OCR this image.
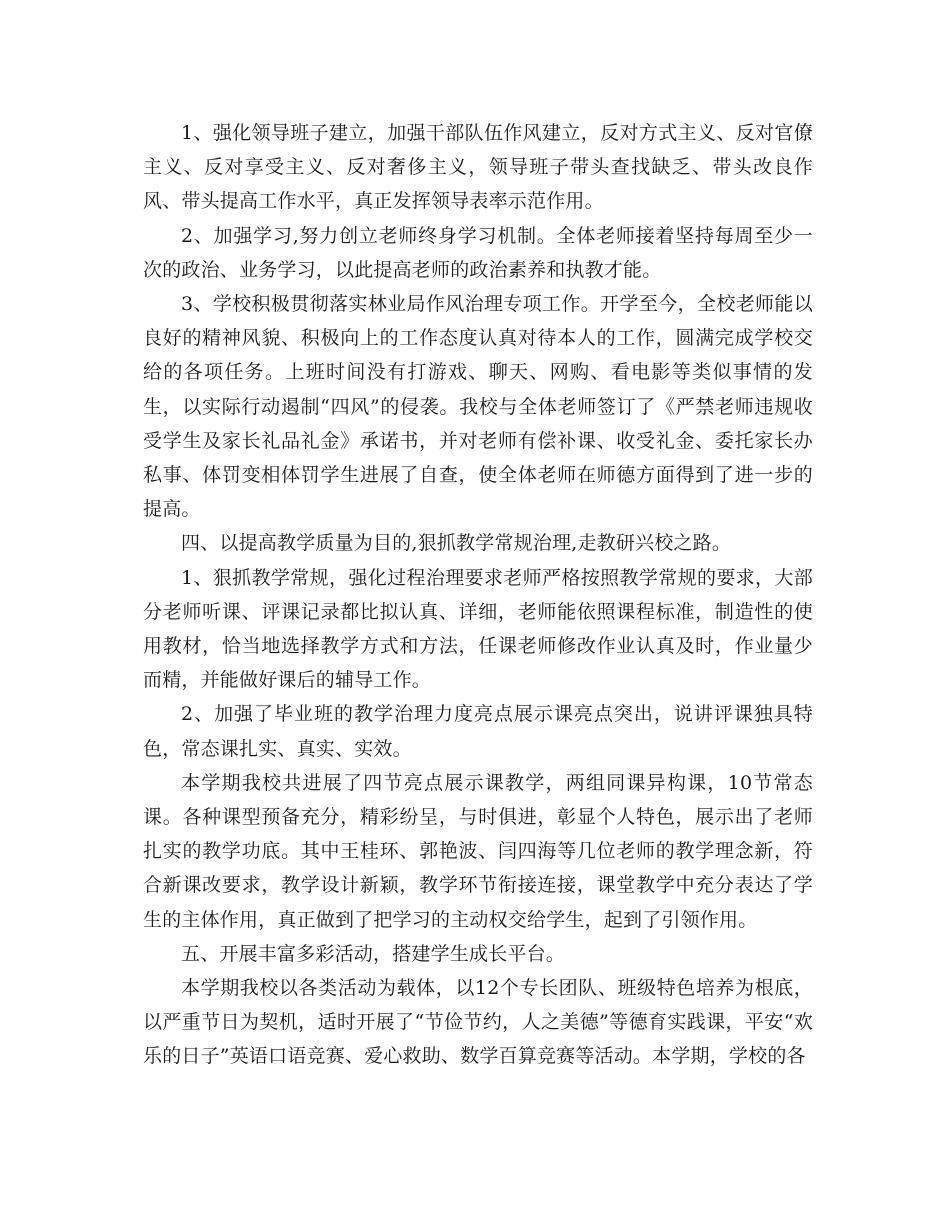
1、强化领导班子建立，加强干部队伍作风建立，反对方式主义、反对官僚主义、反对享受主义、反对奢侈主义，领导班子带头查找缺乏、带头改良作风、带头提高工作水平，真正发挥领导表率示范作用。

2、加强学习,努力创立老师终身学习机制。全体老师接着坚持每周至少一次的政治、业务学习，以此提高老师的政治素养和执教才能。

3、学校积极贯彻落实林业局作风治理专项工作。开学至今，全校老师能以良好的精神风貌、积极向上的工作态度认真对待本人的工作，圆满完成学校交给的各项任务。上班时间没有打游戏、聊天、网购、看电影等类似事情的发生，以实际行动遏制“四风”的侵袭。我校与全体老师签订了《严禁老师违规收受学生及家长礼品礼金》承诺书，并对老师有偿补课、收受礼金、委托家长办私事、体罚变相体罚学生进展了自查，使全体老师在师德方面得到了进一步的提高。

四、以提高教学质量为目的,狠抓教学常规治理,走教研兴校之路。

1、狠抓教学常规，强化过程治理要求老师严格按照教学常规的要求，大部分老师听课、评课记录都比拟认真、详细，老师能依照课程标准，制造性的使用教材，恰当地选择教学方式和方法，任课老师修改作业认真及时，作业量少而精，并能做好课后的辅导工作。

2、加强了毕业班的教学治理力度亮点展示课亮点突出，说讲评课独具特色，常态课扎实、真实、实效。

本学期我校共进展了四节亮点展示课教学，两组同课异构课，10节常态课。各种课型预备充分，精彩纷呈，与时俱进，彰显个人特色，展示出了老师扎实的教学功底。其中王桂环、郭艳波、闫四海等几位老师的教学理念新，符合新课改要求，教学设计新颖，教学环节衔接连接，课堂教学中充分表达了学生的主体作用，真正做到了把学习的主动权交给学生，起到了引领作用。

五、开展丰富多彩活动，搭建学生成长平台。

本学期我校以各类活动为载体，以12个专长团队、班级特色培养为根底，以严重节日为契机，适时开展了“节俭节约，人之美德”等德育实践课，平安“欢乐的日子”英语口语竞赛、爱心救助、数学百算竞赛等活动。本学期，学校的各
